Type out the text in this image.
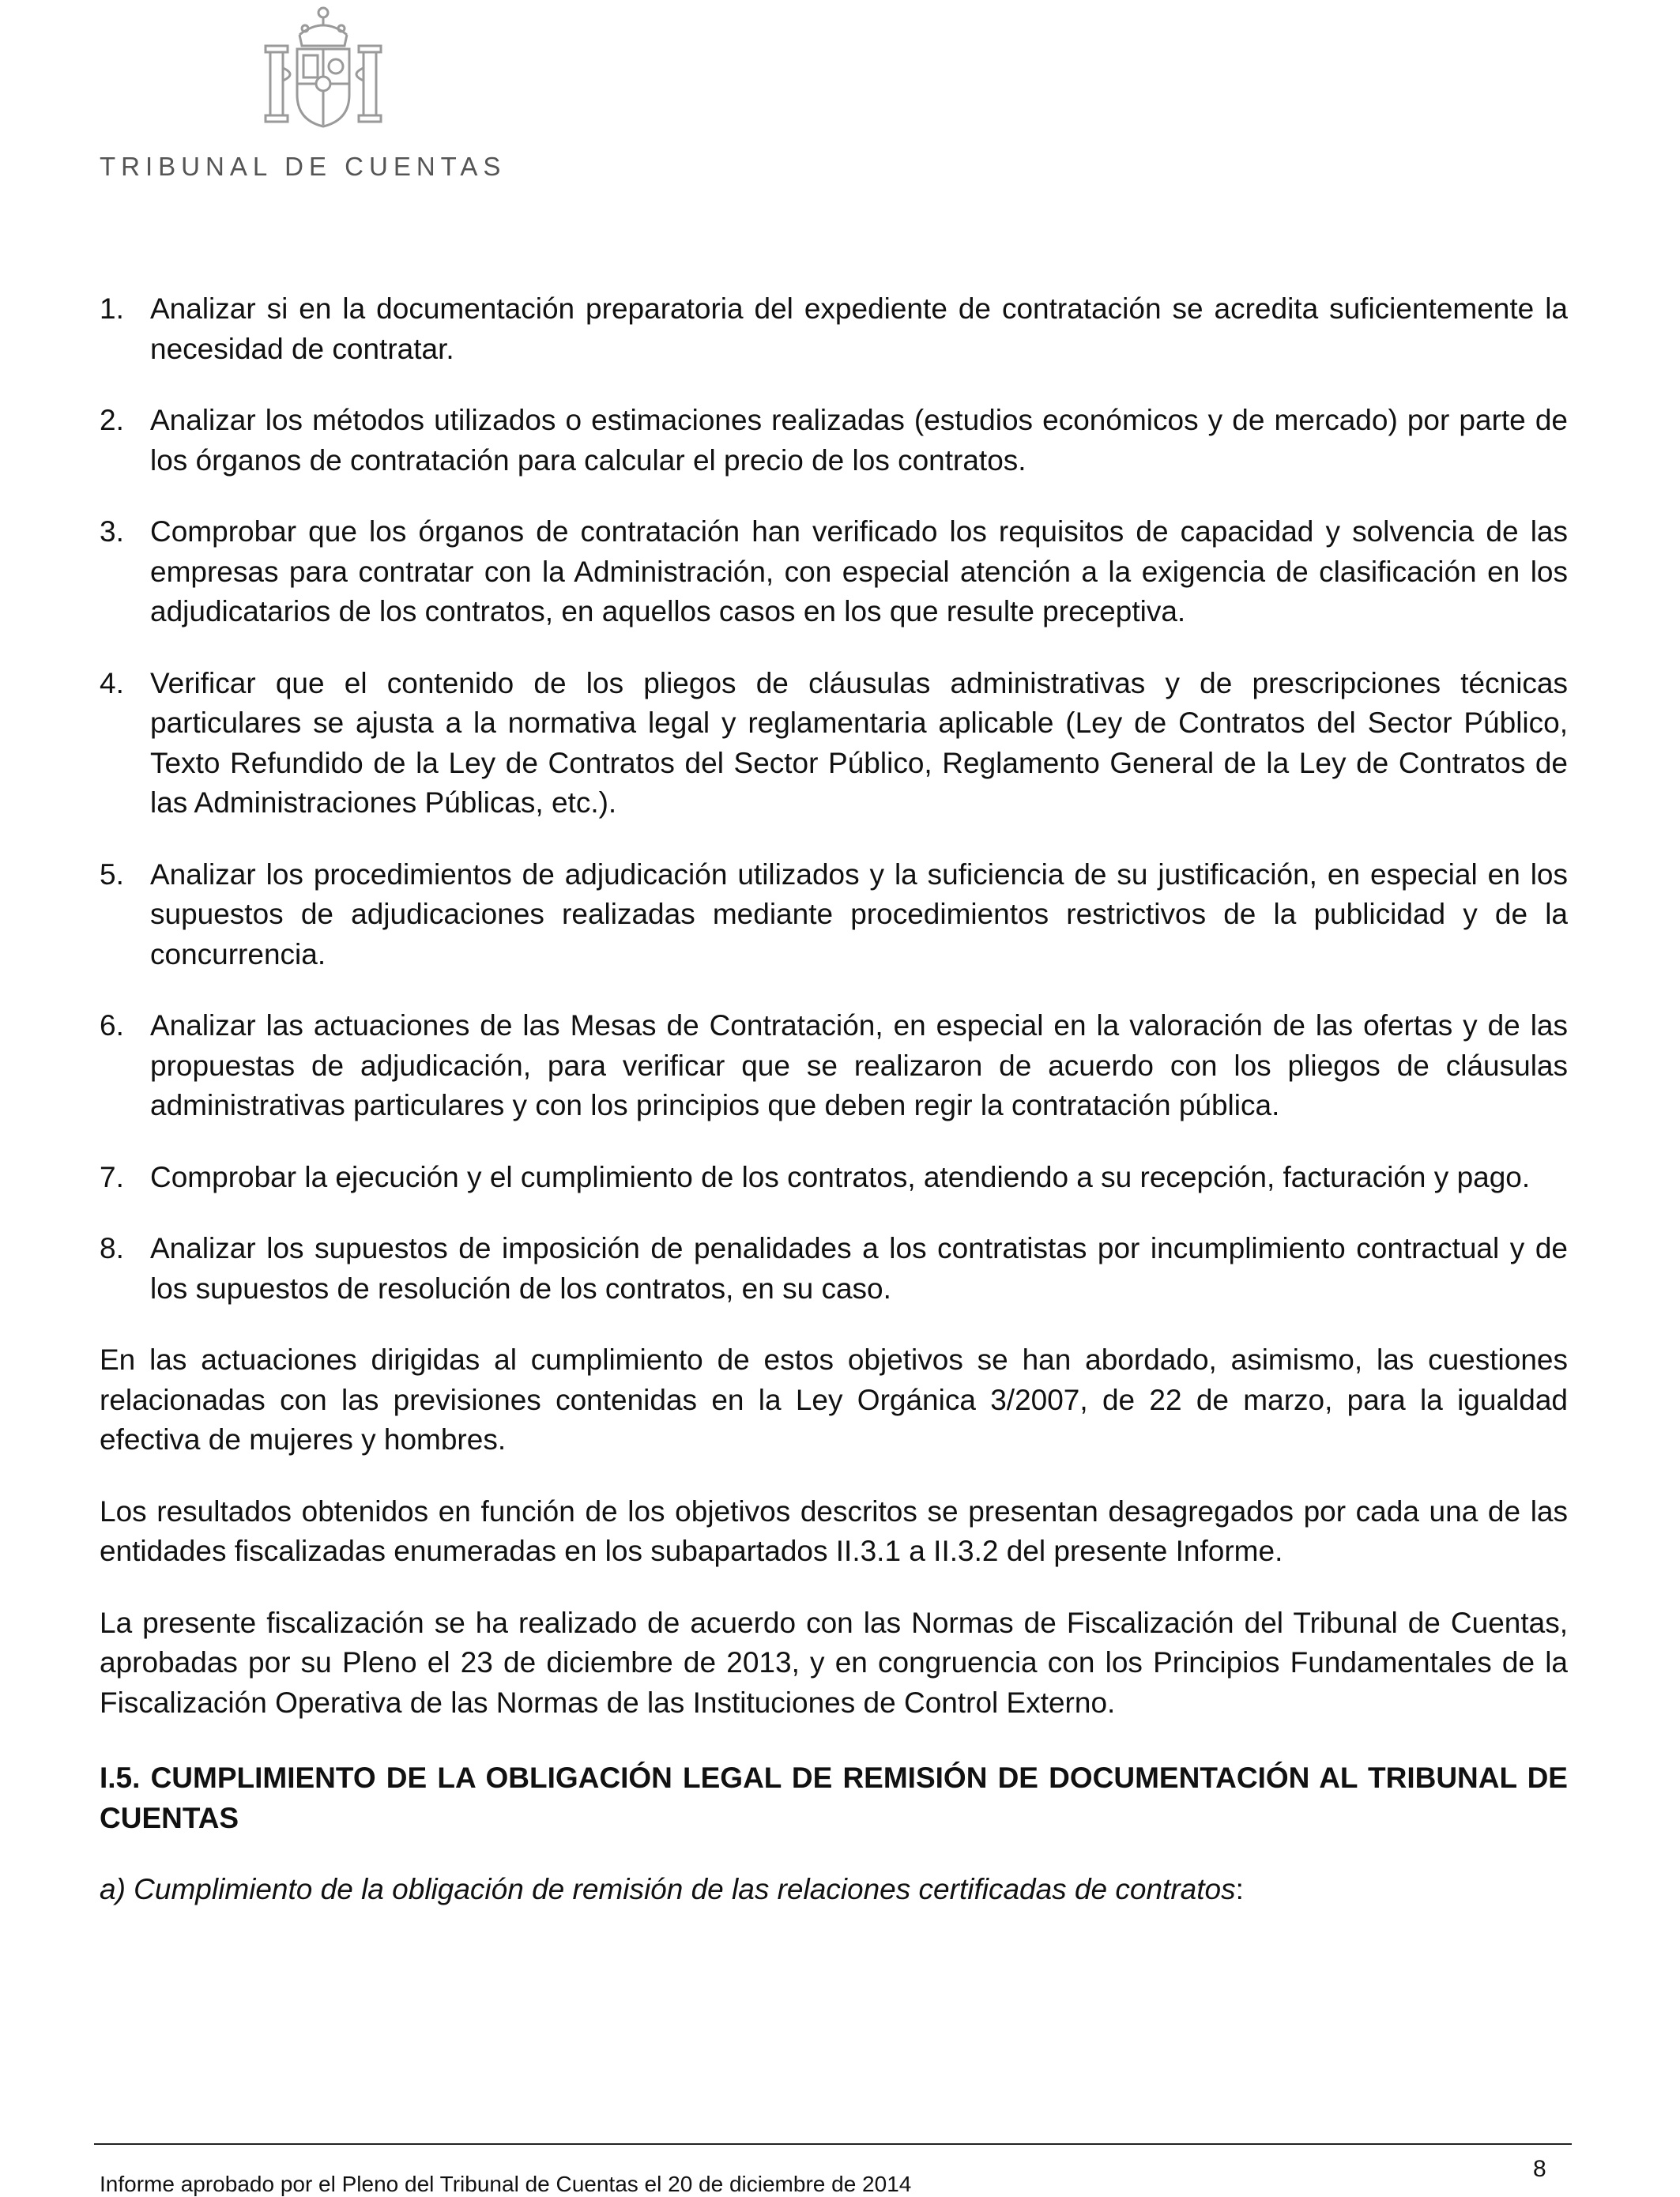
TRIBUNAL DE CUENTAS
1. Analizar si en la documentación preparatoria del expediente de contratación se acredita suficientemente la necesidad de contratar.
2. Analizar los métodos utilizados o estimaciones realizadas (estudios económicos y de mercado) por parte de los órganos de contratación para calcular el precio de los contratos.
3. Comprobar que los órganos de contratación han verificado los requisitos de capacidad y solvencia de las empresas para contratar con la Administración, con especial atención a la exigencia de clasificación en los adjudicatarios de los contratos, en aquellos casos en los que resulte preceptiva.
4. Verificar que el contenido de los pliegos de cláusulas administrativas y de prescripciones técnicas particulares se ajusta a la normativa legal y reglamentaria aplicable (Ley de Contratos del Sector Público, Texto Refundido de la Ley de Contratos del Sector Público, Reglamento General de la Ley de Contratos de las Administraciones Públicas, etc.).
5. Analizar los procedimientos de adjudicación utilizados y la suficiencia de su justificación, en especial en los supuestos de adjudicaciones realizadas mediante procedimientos restrictivos de la publicidad y de la concurrencia.
6. Analizar las actuaciones de las Mesas de Contratación, en especial en la valoración de las ofertas y de las propuestas de adjudicación, para verificar que se realizaron de acuerdo con los pliegos de cláusulas administrativas particulares y con los principios que deben regir la contratación pública.
7. Comprobar la ejecución y el cumplimiento de los contratos, atendiendo a su recepción, facturación y pago.
8. Analizar los supuestos de imposición de penalidades a los contratistas por incumplimiento contractual y de los supuestos de resolución de los contratos, en su caso.

En las actuaciones dirigidas al cumplimiento de estos objetivos se han abordado, asimismo, las cuestiones relacionadas con las previsiones contenidas en la Ley Orgánica 3/2007, de 22 de marzo, para la igualdad efectiva de mujeres y hombres.

Los resultados obtenidos en función de los objetivos descritos se presentan desagregados por cada una de las entidades fiscalizadas enumeradas en los subapartados II.3.1 a II.3.2 del presente Informe.

La presente fiscalización se ha realizado de acuerdo con las Normas de Fiscalización del Tribunal de Cuentas, aprobadas por su Pleno el 23 de diciembre de 2013, y en congruencia con los Principios Fundamentales de la Fiscalización Operativa de las Normas de las Instituciones de Control Externo.

I.5. CUMPLIMIENTO DE LA OBLIGACIÓN LEGAL DE REMISIÓN DE DOCUMENTACIÓN AL TRIBUNAL DE CUENTAS

a) Cumplimiento de la obligación de remisión de las relaciones certificadas de contratos:

8
Informe aprobado por el Pleno del Tribunal de Cuentas el 20 de diciembre de 2014
